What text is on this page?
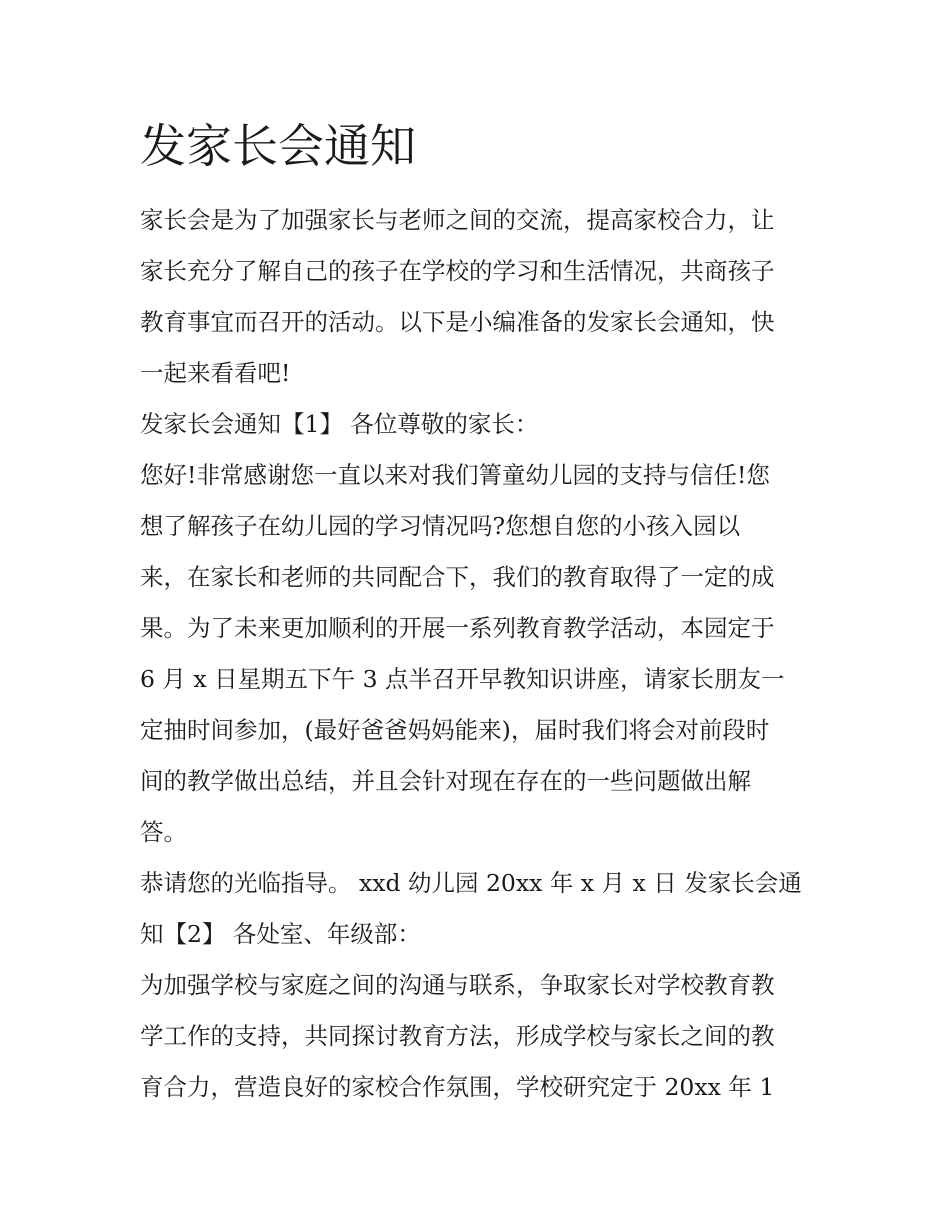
发家长会通知

家长会是为了加强家长与老师之间的交流，提高家校合力，让

家长充分了解自己的孩子在学校的学习和生活情况，共商孩子

教育事宜而召开的活动。以下是小编准备的发家长会通知，快

一起来看看吧!

发家长会通知【1】 各位尊敬的家长：

您好!非常感谢您一直以来对我们箐童幼儿园的支持与信任!您

想了解孩子在幼儿园的学习情况吗?您想自您的小孩入园以

来，在家长和老师的共同配合下，我们的教育取得了一定的成

果。为了未来更加顺利的开展一系列教育教学活动，本园定于

6 月 x 日星期五下午 3 点半召开早教知识讲座，请家长朋友一

定抽时间参加，(最好爸爸妈妈能来)，届时我们将会对前段时

间的教学做出总结，并且会针对现在存在的一些问题做出解

答。

恭请您的光临指导。 xxd 幼儿园 20xx 年 x 月 x 日 发家长会通

知【2】 各处室、年级部：

为加强学校与家庭之间的沟通与联系，争取家长对学校教育教

学工作的支持，共同探讨教育方法，形成学校与家长之间的教

育合力，营造良好的家校合作氛围，学校研究定于 20xx 年 1
